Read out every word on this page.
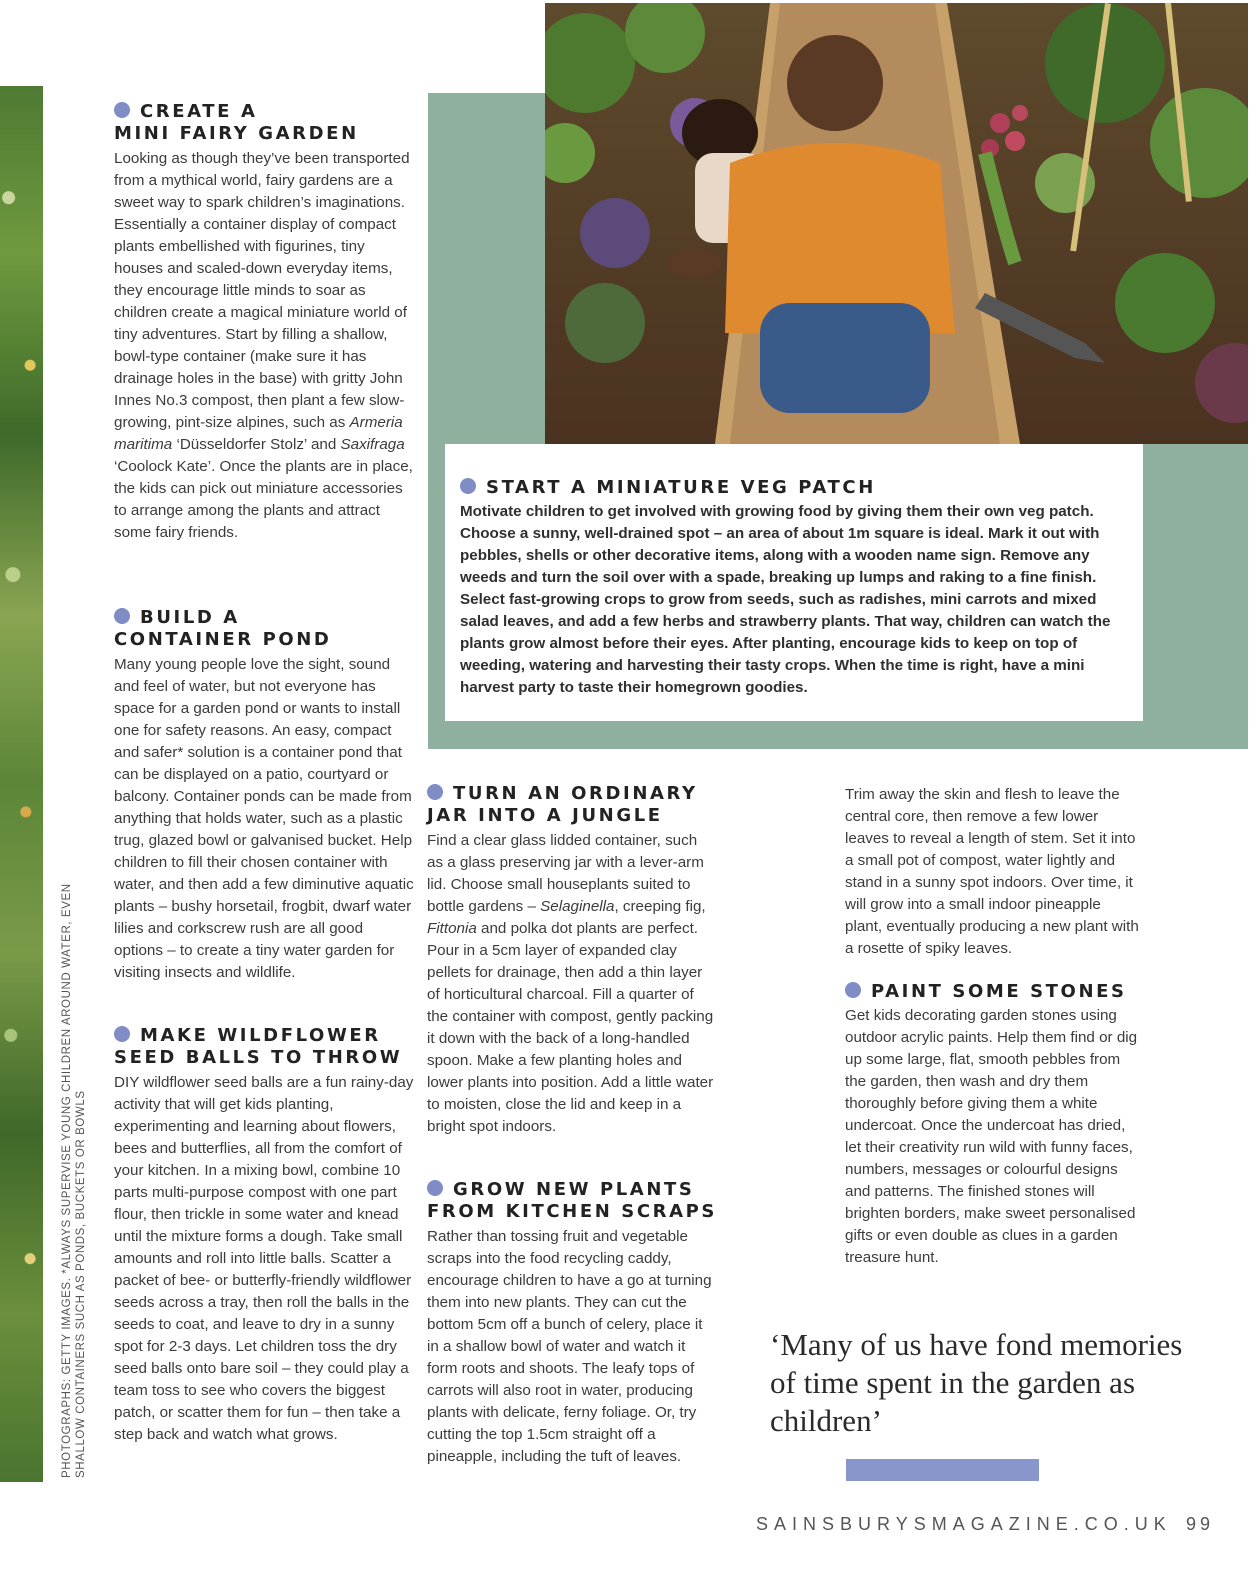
PHOTOGRAPHS: GETTY IMAGES. *ALWAYS SUPERVISE YOUNG CHILDREN AROUND WATER, EVEN SHALLOW CONTAINERS SUCH AS PONDS, BUCKETS OR BOWLS
CREATE A
MINI FAIRY GARDEN

Looking as though they’ve been transported from a mythical world, fairy gardens are a sweet way to spark children’s imaginations. Essentially a container display of compact plants embellished with figurines, tiny houses and scaled-down everyday items, they encourage little minds to soar as children create a magical miniature world of tiny adventures. Start by filling a shallow, bowl-type container (make sure it has drainage holes in the base) with gritty John Innes No.3 compost, then plant a few slow-growing, pint-size alpines, such as Armeria maritima ‘Düsseldorfer Stolz’ and Saxifraga ‘Coolock Kate’. Once the plants are in place, the kids can pick out miniature accessories to arrange among the plants and attract some fairy friends.

BUILD A
CONTAINER POND

Many young people love the sight, sound and feel of water, but not everyone has space for a garden pond or wants to install one for safety reasons. An easy, compact and safer* solution is a container pond that can be displayed on a patio, courtyard or balcony. Container ponds can be made from anything that holds water, such as a plastic trug, glazed bowl or galvanised bucket. Help children to fill their chosen container with water, and then add a few diminutive aquatic plants – bushy horsetail, frogbit, dwarf water lilies and corkscrew rush are all good options – to create a tiny water garden for visiting insects and wildlife.

MAKE WILDFLOWER
SEED BALLS TO THROW

DIY wildflower seed balls are a fun rainy-day activity that will get kids planting, experimenting and learning about flowers, bees and butterflies, all from the comfort of your kitchen. In a mixing bowl, combine 10 parts multi-purpose compost with one part flour, then trickle in some water and knead until the mixture forms a dough. Take small amounts and roll into little balls. Scatter a packet of bee- or butterfly-friendly wildflower seeds across a tray, then roll the balls in the seeds to coat, and leave to dry in a sunny spot for 2-3 days. Let children toss the dry seed balls onto bare soil – they could play a team toss to see who covers the biggest patch, or scatter them for fun – then take a step back and watch what grows.

START A MINIATURE VEG PATCH

Motivate children to get involved with growing food by giving them their own veg patch. Choose a sunny, well-drained spot – an area of about 1m square is ideal. Mark it out with pebbles, shells or other decorative items, along with a wooden name sign. Remove any weeds and turn the soil over with a spade, breaking up lumps and raking to a fine finish. Select fast-growing crops to grow from seeds, such as radishes, mini carrots and mixed salad leaves, and add a few herbs and strawberry plants. That way, children can watch the plants grow almost before their eyes. After planting, encourage kids to keep on top of weeding, watering and harvesting their tasty crops. When the time is right, have a mini harvest party to taste their homegrown goodies.

TURN AN ORDINARY
JAR INTO A JUNGLE

Find a clear glass lidded container, such as a glass preserving jar with a lever-arm lid. Choose small houseplants suited to bottle gardens – Selaginella, creeping fig, Fittonia and polka dot plants are perfect. Pour in a 5cm layer of expanded clay pellets for drainage, then add a thin layer of horticultural charcoal. Fill a quarter of the container with compost, gently packing it down with the back of a long-handled spoon. Make a few planting holes and lower plants into position. Add a little water to moisten, close the lid and keep in a bright spot indoors.

GROW NEW PLANTS
FROM KITCHEN SCRAPS

Rather than tossing fruit and vegetable scraps into the food recycling caddy, encourage children to have a go at turning them into new plants. They can cut the bottom 5cm off a bunch of celery, place it in a shallow bowl of water and watch it form roots and shoots. The leafy tops of carrots will also root in water, producing plants with delicate, ferny foliage. Or, try cutting the top 1.5cm straight off a pineapple, including the tuft of leaves.

Trim away the skin and flesh to leave the central core, then remove a few lower leaves to reveal a length of stem. Set it into a small pot of compost, water lightly and stand in a sunny spot indoors. Over time, it will grow into a small indoor pineapple plant, eventually producing a new plant with a rosette of spiky leaves.

PAINT SOME STONES

Get kids decorating garden stones using outdoor acrylic paints. Help them find or dig up some large, flat, smooth pebbles from the garden, then wash and dry them thoroughly before giving them a white undercoat. Once the undercoat has dried, let their creativity run wild with funny faces, numbers, messages or colourful designs and patterns. The finished stones will brighten borders, make sweet personalised gifts or even double as clues in a garden treasure hunt.

‘Many of us have fond memories of time spent in the garden as children’

SAINSBURYSMAGAZINE.CO.UK 99
